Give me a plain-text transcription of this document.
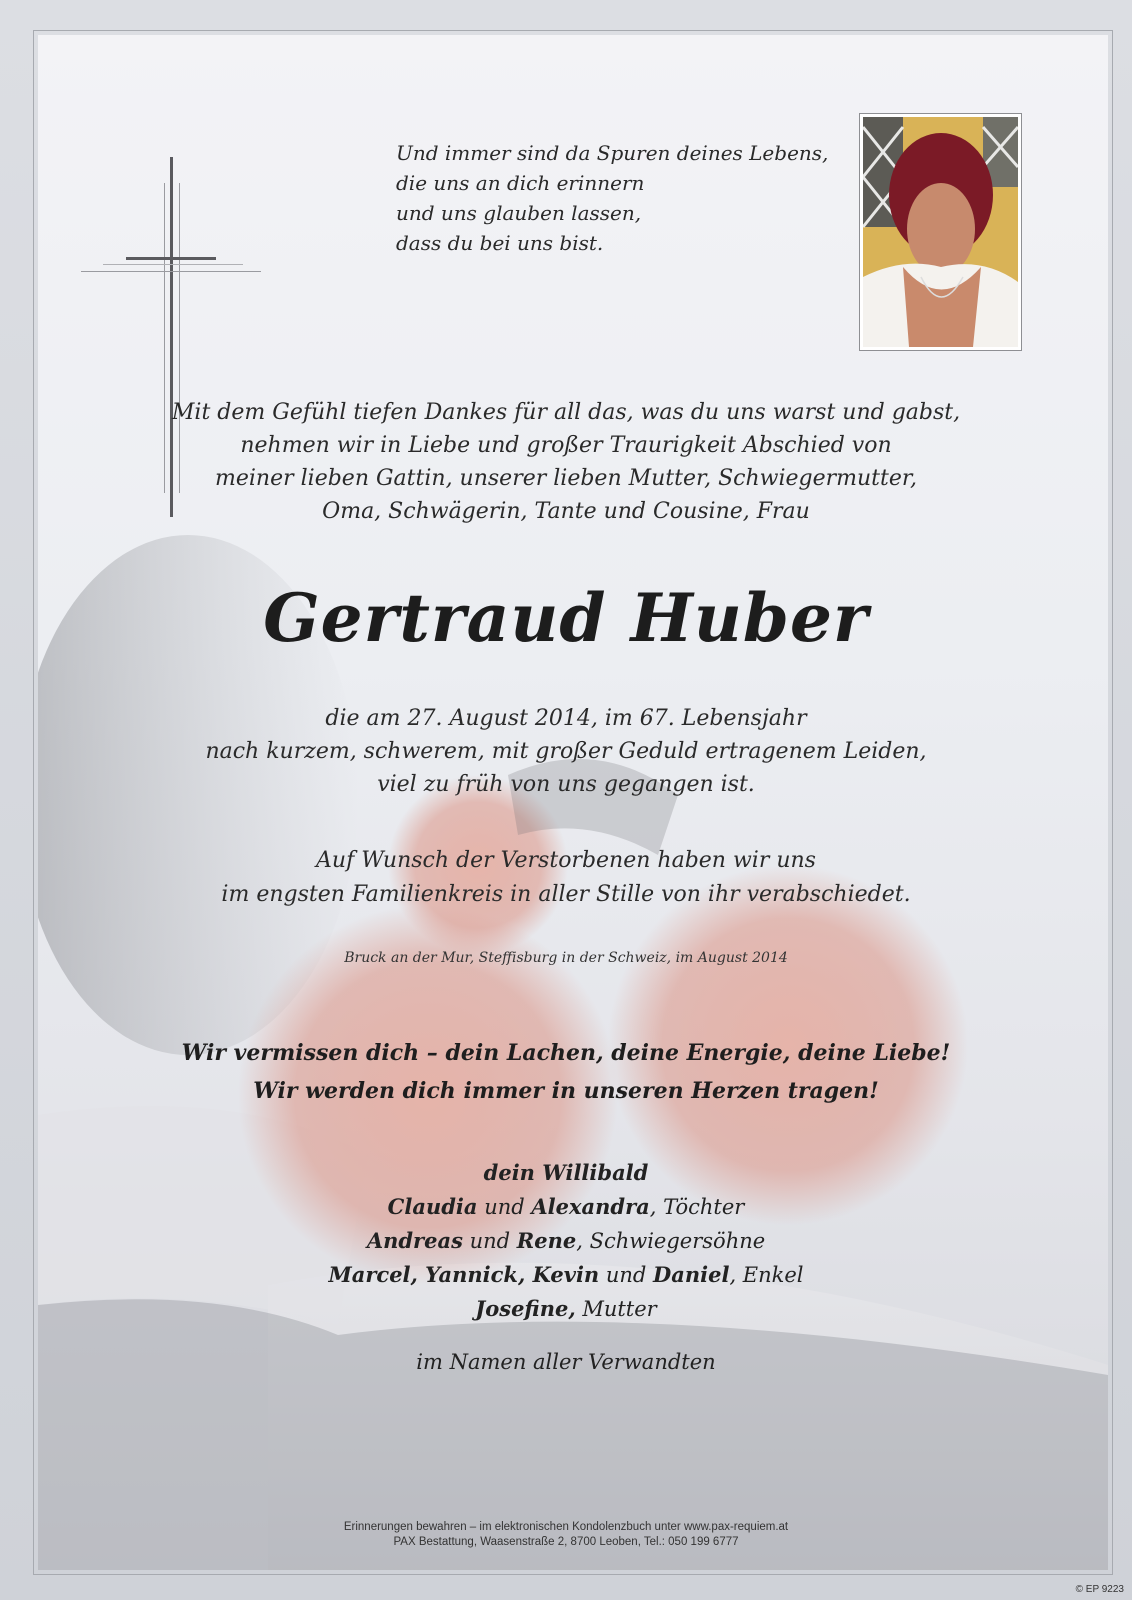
Und immer sind da Spuren deines Lebens,
die uns an dich erinnern
und uns glauben lassen,
dass du bei uns bist.
Mit dem Gefühl tiefen Dankes für all das, was du uns warst und gabst,
nehmen wir in Liebe und großer Traurigkeit Abschied von
meiner lieben Gattin, unserer lieben Mutter, Schwiegermutter,
Oma, Schwägerin, Tante und Cousine, Frau
Gertraud Huber
die am 27. August 2014, im 67. Lebensjahr
nach kurzem, schwerem, mit großer Geduld ertragenem Leiden,
viel zu früh von uns gegangen ist.
Auf Wunsch der Verstorbenen haben wir uns
im engsten Familienkreis in aller Stille von ihr verabschiedet.
Bruck an der Mur, Steffisburg in der Schweiz, im August 2014
Wir vermissen dich – dein Lachen, deine Energie, deine Liebe!
Wir werden dich immer in unseren Herzen tragen!
dein Willibald
Claudia und Alexandra, Töchter
Andreas und Rene, Schwiegersöhne
Marcel, Yannick, Kevin und Daniel, Enkel
Josefine, Mutter
im Namen aller Verwandten
Erinnerungen bewahren – im elektronischen Kondolenzbuch unter www.pax-requiem.at
PAX Bestattung, Waasenstraße 2, 8700 Leoben, Tel.: 050 199 6777
© EP 9223
